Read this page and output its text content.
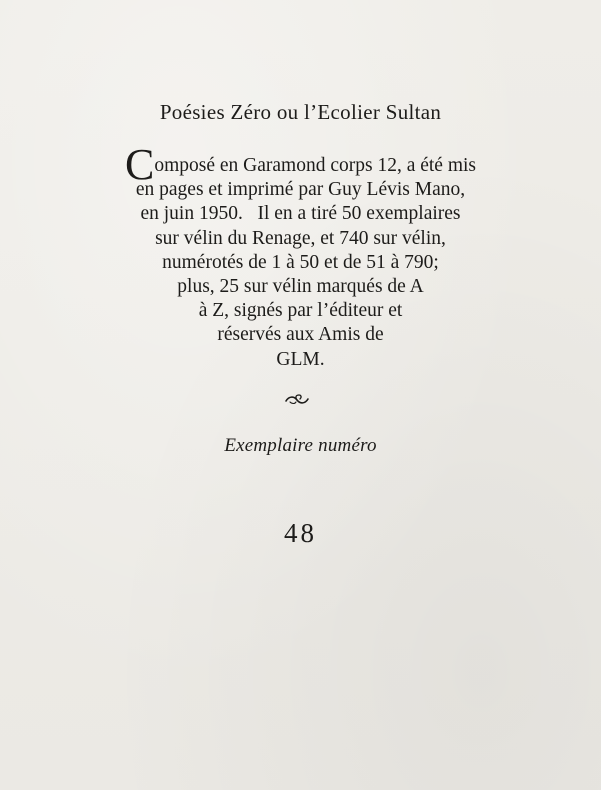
Poésies Zéro ou l’Ecolier Sultan
Composé en Garamond corps 12, a été mis
en pages et imprimé par Guy Lévis Mano,
en juin 1950.   Il en a tiré 50 exemplaires
sur vélin du Renage, et 740 sur vélin,
numérotés de 1 à 50 et de 51 à 790;
plus, 25 sur vélin marqués de A
à Z, signés par l’éditeur et
réservés aux Amis de
GLM.
Exemplaire numéro
48
